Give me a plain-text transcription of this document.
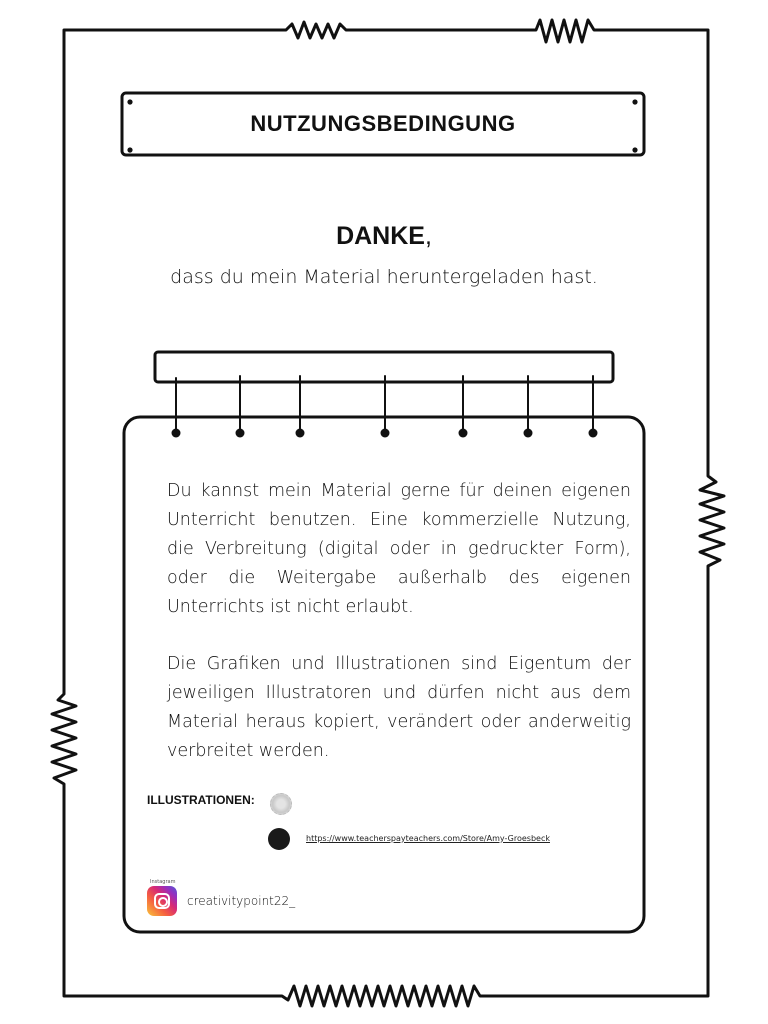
NUTZUNGSBEDINGUNG
DANKE,
dass du mein Material heruntergeladen hast.
Du kannst mein Material gerne für deinen eigenen Unterricht benutzen. Eine kommerzielle Nutzung, die Verbreitung (digital oder in gedruckter Form), oder die Weitergabe außerhalb des eigenen Unterrichts ist nicht erlaubt.
Die Grafiken und Illustrationen sind Eigentum der jeweiligen Illustratoren und dürfen nicht aus dem Material heraus kopiert, verändert oder anderweitig verbreitet werden.
ILLUSTRATIONEN:
https://www.teacherspayteachers.com/Store/Amy-Groesbeck
Instagram
creativitypoint22_
